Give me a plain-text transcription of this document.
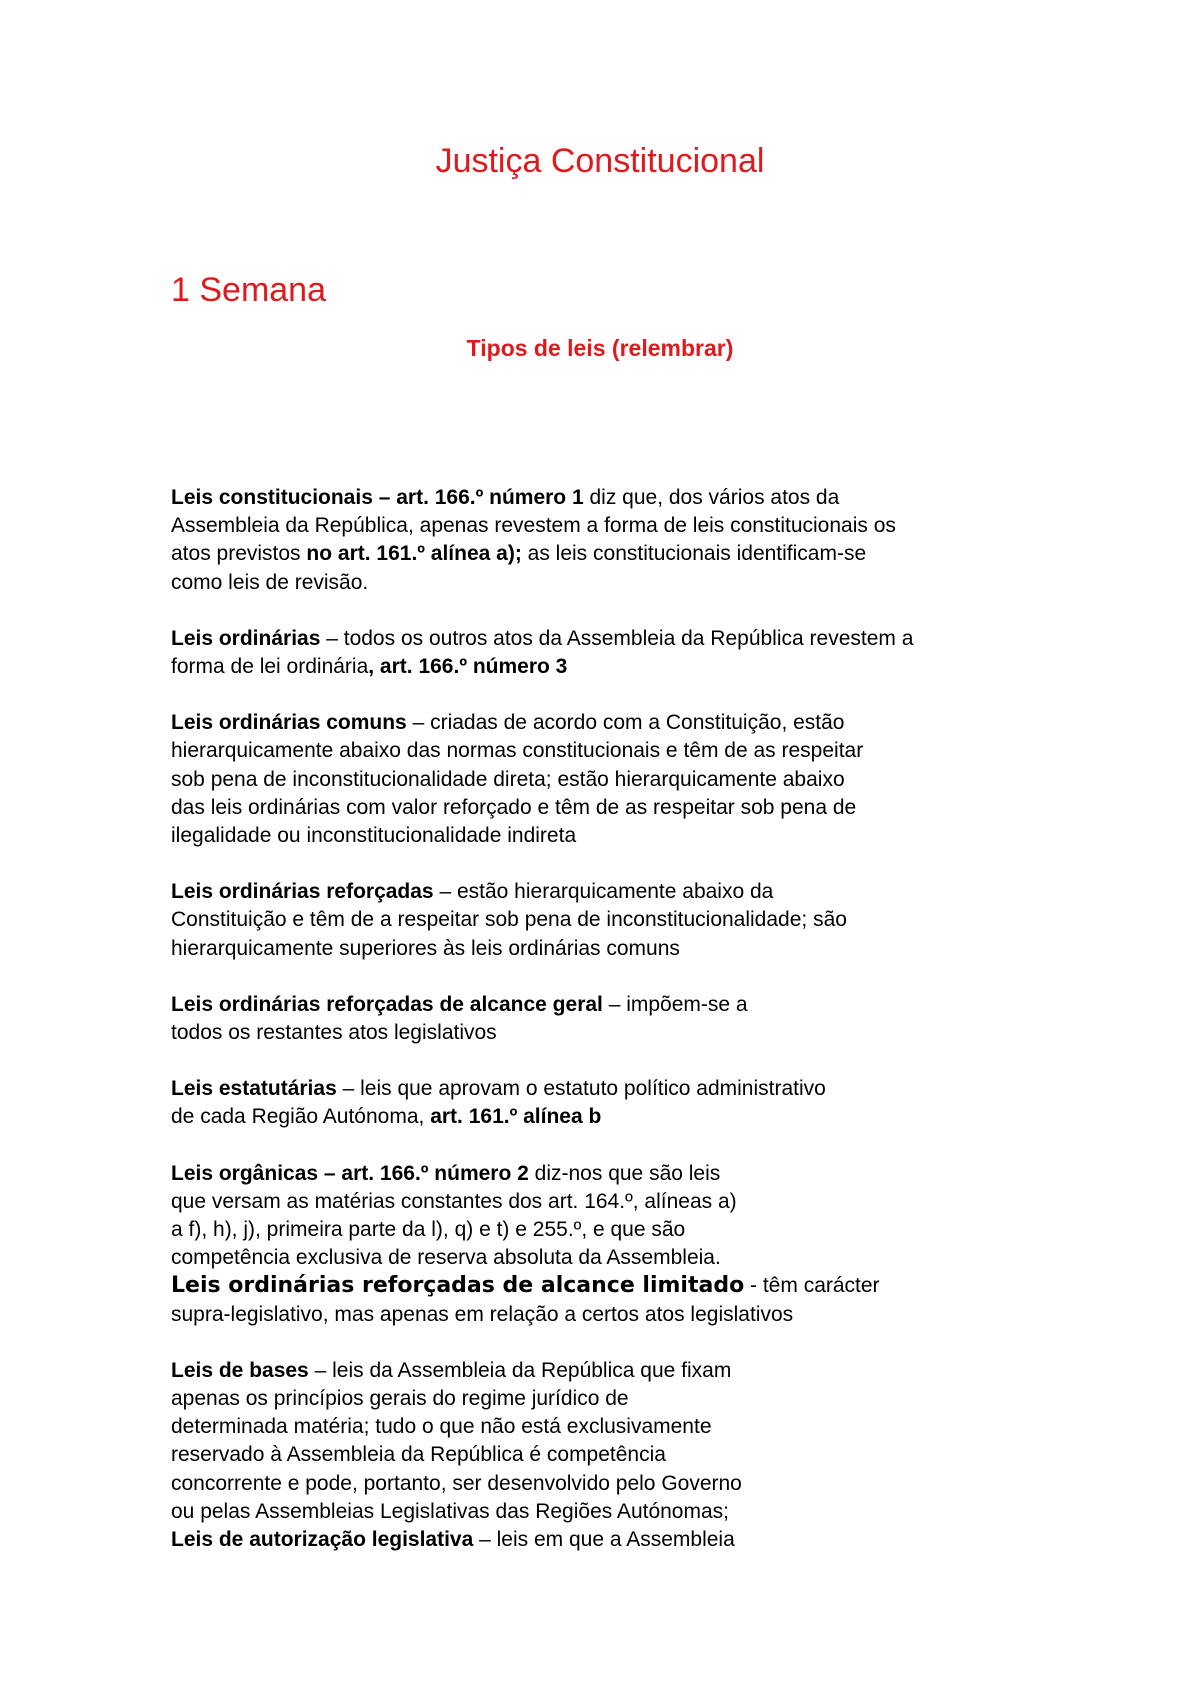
Justiça Constitucional
1 Semana
Tipos de leis (relembrar)
Leis constitucionais – art. 166.º número 1 diz que, dos vários atos da
Assembleia da República, apenas revestem a forma de leis constitucionais os
atos previstos no art. 161.º alínea a); as leis constitucionais identificam-se
como leis de revisão.
Leis ordinárias – todos os outros atos da Assembleia da República revestem a
forma de lei ordinária, art. 166.º número 3
Leis ordinárias comuns – criadas de acordo com a Constituição, estão
hierarquicamente abaixo das normas constitucionais e têm de as respeitar
sob pena de inconstitucionalidade direta; estão hierarquicamente abaixo
das leis ordinárias com valor reforçado e têm de as respeitar sob pena de
ilegalidade ou inconstitucionalidade indireta
Leis ordinárias reforçadas – estão hierarquicamente abaixo da
Constituição e têm de a respeitar sob pena de inconstitucionalidade; são
hierarquicamente superiores às leis ordinárias comuns
Leis ordinárias reforçadas de alcance geral – impõem-se a
todos os restantes atos legislativos
Leis estatutárias – leis que aprovam o estatuto político administrativo
de cada Região Autónoma, art. 161.º alínea b
Leis orgânicas – art. 166.º número 2 diz-nos que são leis
que versam as matérias constantes dos art. 164.º, alíneas a)
a f), h), j), primeira parte da l), q) e t) e 255.º, e que são
competência exclusiva de reserva absoluta da Assembleia.
Leis ordinárias reforçadas de alcance limitado - têm carácter
supra-legislativo, mas apenas em relação a certos atos legislativos
Leis de bases – leis da Assembleia da República que fixam
apenas os princípios gerais do regime jurídico de
determinada matéria; tudo o que não está exclusivamente
reservado à Assembleia da República é competência
concorrente e pode, portanto, ser desenvolvido pelo Governo
ou pelas Assembleias Legislativas das Regiões Autónomas;
Leis de autorização legislativa – leis em que a Assembleia
